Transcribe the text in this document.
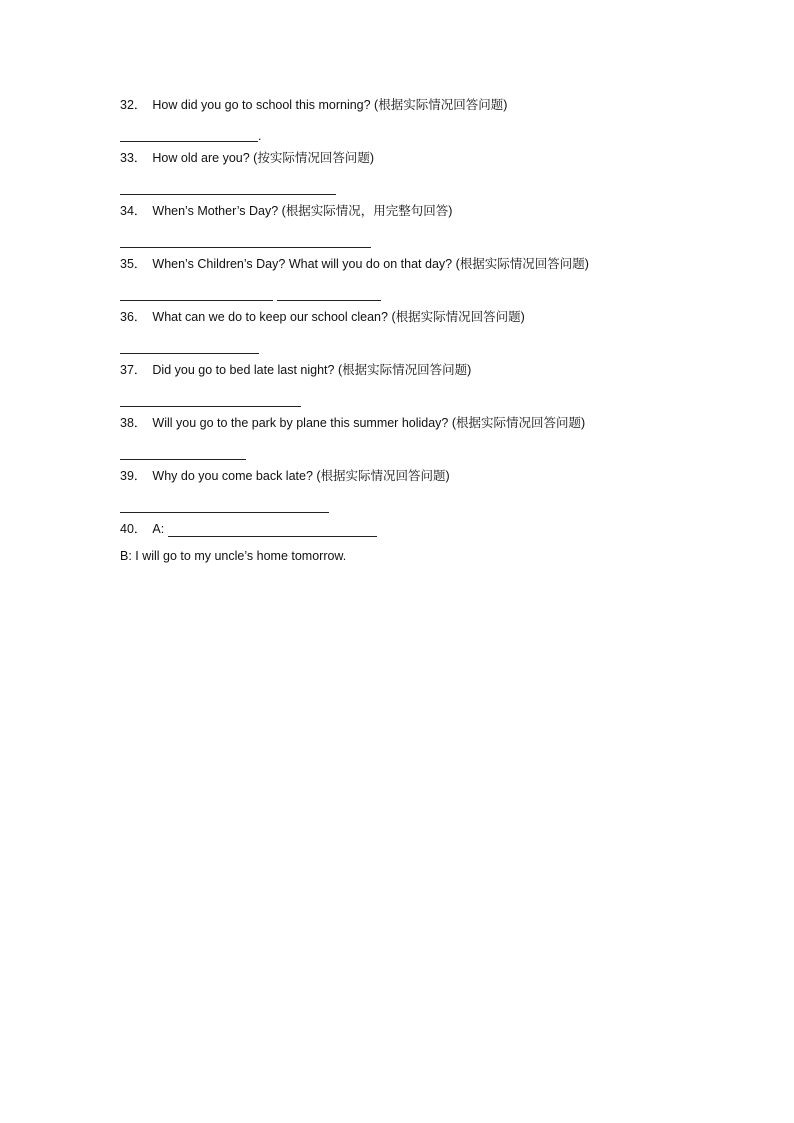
32． How did you go to school this morning? (根据实际情况回答问题)
.
33． How old are you? (按实际情况回答问题)
34． When’s Mother’s Day? (根据实际情况，用完整句回答)
35． When’s Children’s Day? What will you do on that day? (根据实际情况回答问题)
36． What can we do to keep our school clean? (根据实际情况回答问题)
37． Did you go to bed late last night? (根据实际情况回答问题)
38． Will you go to the park by plane this summer holiday? (根据实际情况回答问题)
39． Why do you come back late? (根据实际情况回答问题)
40． A:
B: I will go to my uncle’s home tomorrow.
